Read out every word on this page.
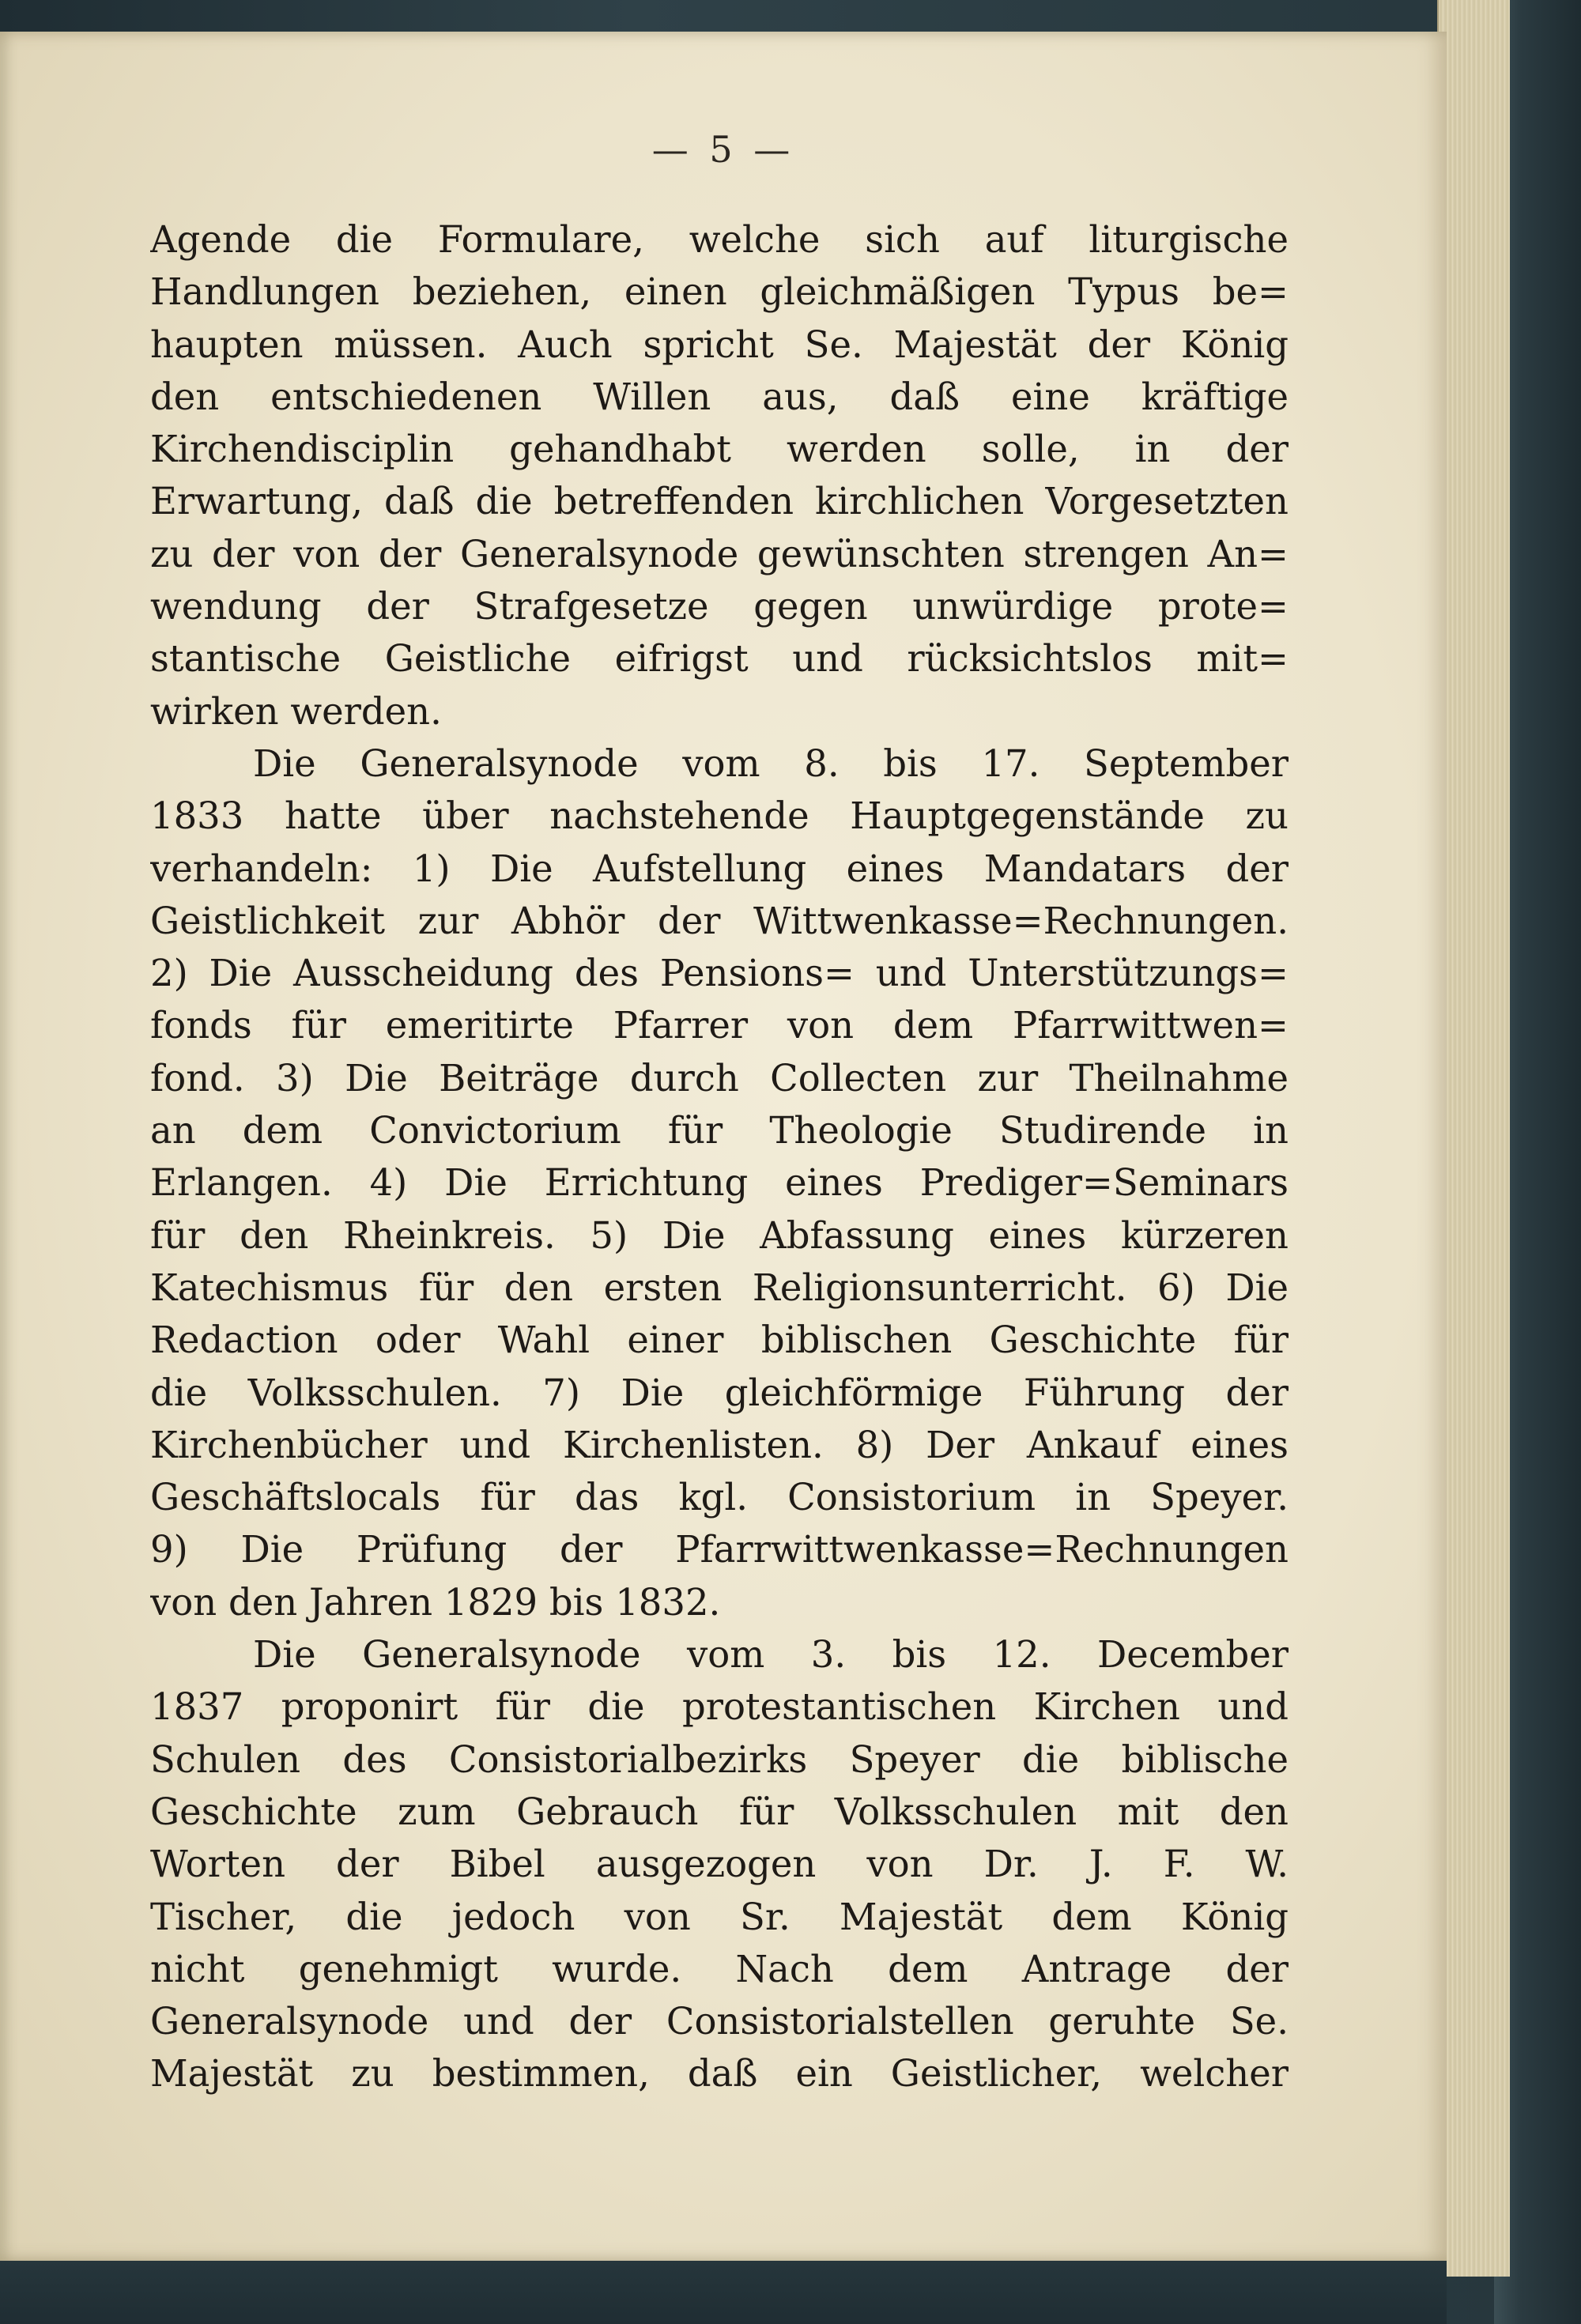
— 5 —
Agende die Formulare, welche sich auf liturgische
Handlungen beziehen, einen gleichmäßigen Typus be=
haupten müssen. Auch spricht Se. Majestät der König
den entschiedenen Willen aus, daß eine kräftige
Kirchendisciplin gehandhabt werden solle, in der
Erwartung, daß die betreffenden kirchlichen Vorgesetzten
zu der von der Generalsynode gewünschten strengen An=
wendung der Strafgesetze gegen unwürdige prote=
stantische Geistliche eifrigst und rücksichtslos mit=
wirken werden.
Die Generalsynode vom 8. bis 17. September
1833 hatte über nachstehende Hauptgegenstände zu
verhandeln: 1) Die Aufstellung eines Mandatars der
Geistlichkeit zur Abhör der Wittwenkasse=Rechnungen.
2) Die Ausscheidung des Pensions= und Unterstützungs=
fonds für emeritirte Pfarrer von dem Pfarrwittwen=
fond. 3) Die Beiträge durch Collecten zur Theilnahme
an dem Convictorium für Theologie Studirende in
Erlangen. 4) Die Errichtung eines Prediger=Seminars
für den Rheinkreis. 5) Die Abfassung eines kürzeren
Katechismus für den ersten Religionsunterricht. 6) Die
Redaction oder Wahl einer biblischen Geschichte für
die Volksschulen. 7) Die gleichförmige Führung der
Kirchenbücher und Kirchenlisten. 8) Der Ankauf eines
Geschäftslocals für das kgl. Consistorium in Speyer.
9) Die Prüfung der Pfarrwittwenkasse=Rechnungen
von den Jahren 1829 bis 1832.
Die Generalsynode vom 3. bis 12. December
1837 proponirt für die protestantischen Kirchen und
Schulen des Consistorialbezirks Speyer die biblische
Geschichte zum Gebrauch für Volksschulen mit den
Worten der Bibel ausgezogen von Dr. J. F. W.
Tischer, die jedoch von Sr. Majestät dem König
nicht genehmigt wurde. Nach dem Antrage der
Generalsynode und der Consistorialstellen geruhte Se.
Majestät zu bestimmen, daß ein Geistlicher, welcher
